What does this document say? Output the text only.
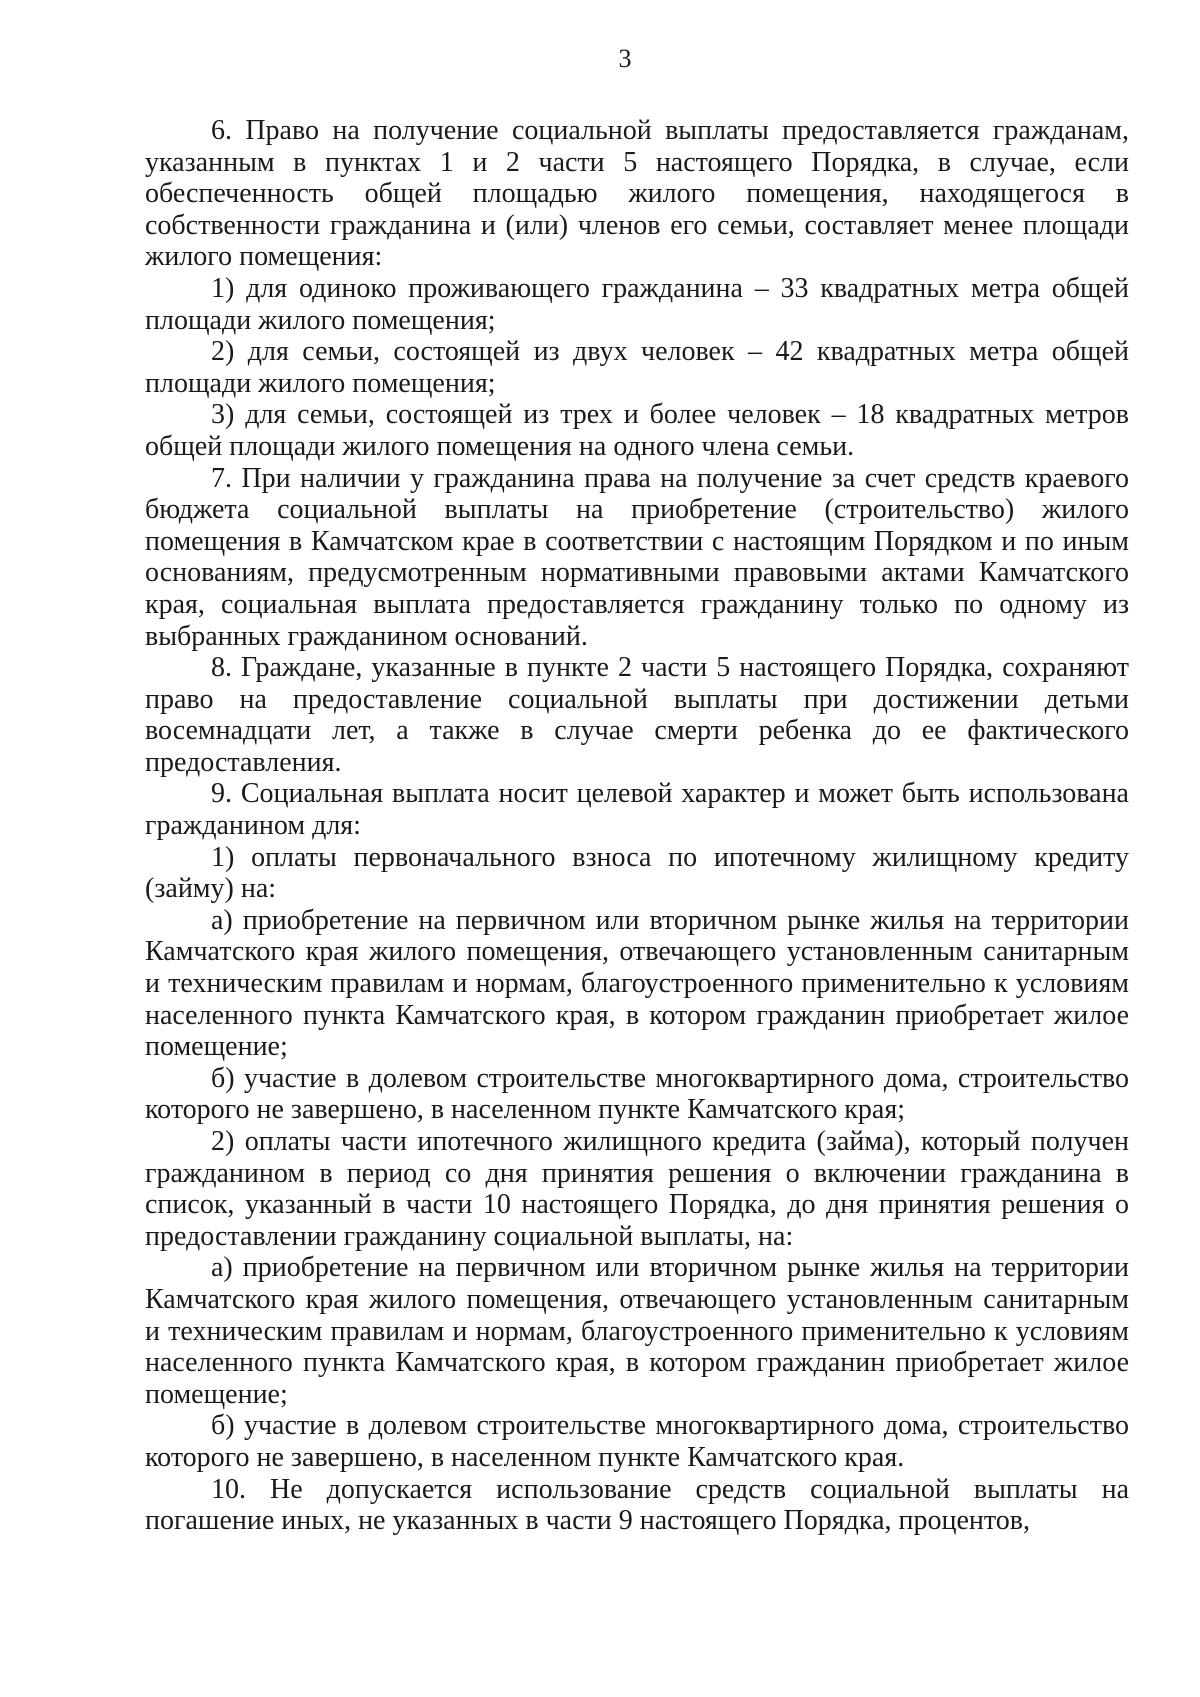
3

6. Право на получение социальной выплаты предоставляется гражданам, указанным в пунктах 1 и 2 части 5 настоящего Порядка, в случае, если обеспеченность общей площадью жилого помещения, находящегося в собственности гражданина и (или) членов его семьи, составляет менее площади жилого помещения:

1) для одиноко проживающего гражданина – 33 квадратных метра общей площади жилого помещения;

2) для семьи, состоящей из двух человек – 42 квадратных метра общей площади жилого помещения;

3) для семьи, состоящей из трех и более человек – 18 квадратных метров общей площади жилого помещения на одного члена семьи.

7. При наличии у гражданина права на получение за счет средств краевого бюджета социальной выплаты на приобретение (строительство) жилого помещения в Камчатском крае в соответствии с настоящим Порядком и по иным основаниям, предусмотренным нормативными правовыми актами Камчатского края, социальная выплата предоставляется гражданину только по одному из выбранных гражданином оснований.

8. Граждане, указанные в пункте 2 части 5 настоящего Порядка, сохраняют право на предоставление социальной выплаты при достижении детьми восемнадцати лет, а также в случае смерти ребенка до ее фактического предоставления.

9. Социальная выплата носит целевой характер и может быть использована гражданином для:

1) оплаты первоначального взноса по ипотечному жилищному кредиту (займу) на:

а) приобретение на первичном или вторичном рынке жилья на территории Камчатского края жилого помещения, отвечающего установленным санитарным и техническим правилам и нормам, благоустроенного применительно к условиям населенного пункта Камчатского края, в котором гражданин приобретает жилое помещение;

б) участие в долевом строительстве многоквартирного дома, строительство которого не завершено, в населенном пункте Камчатского края;

2) оплаты части ипотечного жилищного кредита (займа), который получен гражданином в период со дня принятия решения о включении гражданина в список, указанный в части 10 настоящего Порядка, до дня принятия решения о предоставлении гражданину социальной выплаты, на:

а) приобретение на первичном или вторичном рынке жилья на территории Камчатского края жилого помещения, отвечающего установленным санитарным и техническим правилам и нормам, благоустроенного применительно к условиям населенного пункта Камчатского края, в котором гражданин приобретает жилое помещение;

б) участие в долевом строительстве многоквартирного дома, строительство которого не завершено, в населенном пункте Камчатского края.

10. Не допускается использование средств социальной выплаты на погашение иных, не указанных в части 9 настоящего Порядка, процентов,
